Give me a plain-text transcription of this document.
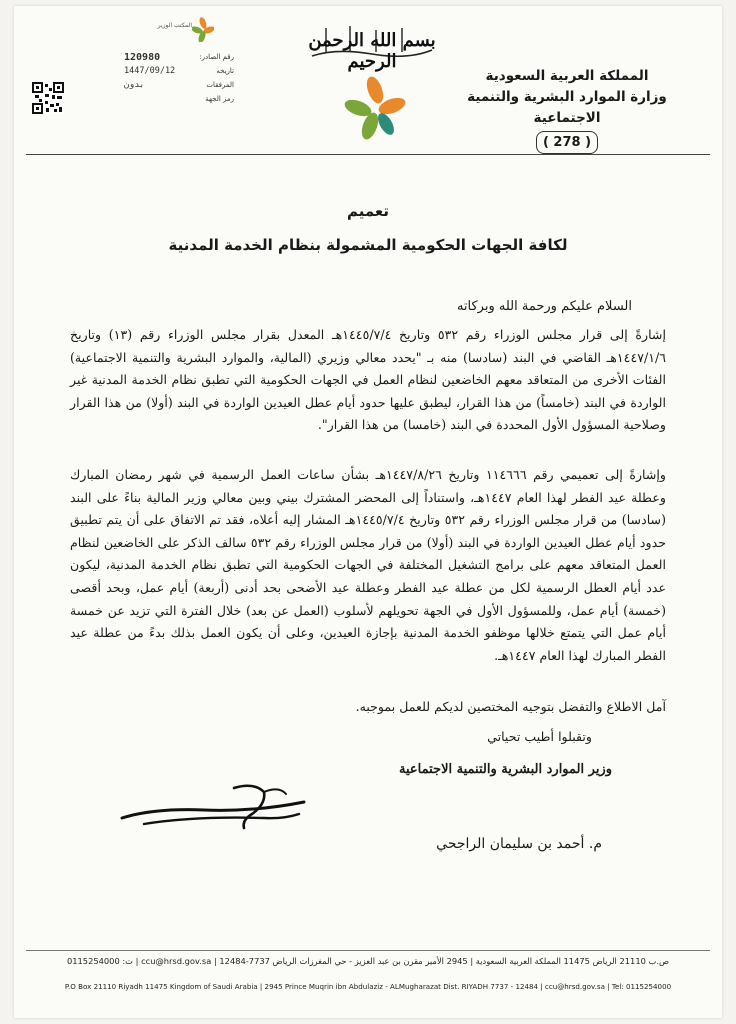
بسم الله الرحمن الرحيم
المملكة العربية السعودية
وزارة الموارد البشرية والتنمية الاجتماعية
( 278 )
المكتب الوزير
رقم الصادر:
120980
تاريخه
1447/09/12
المرفقات
بدون
رمز الجهة
تعميم
لكافة الجهات الحكومية المشمولة بنظام الخدمة المدنية
السلام عليكم ورحمة الله وبركاته
إشارةً إلى قرار مجلس الوزراء رقم ٥٣٢ وتاريخ ١٤٤٥/٧/٤هـ المعدل بقرار مجلس الوزراء رقم (١٣) وتاريخ ١٤٤٧/١/٦هـ القاضي في البند (سادسا) منه بـ "يحدد معالي وزيري (المالية، والموارد البشرية والتنمية الاجتماعية) الفئات الأخرى من المتعاقد معهم الخاضعين لنظام العمل في الجهات الحكومية التي تطبق نظام الخدمة المدنية غير الواردة في البند (خامساً) من هذا القرار، ليطبق عليها حدود أيام عطل العيدين الواردة في البند (أولا) من هذا القرار وصلاحية المسؤول الأول المحددة في البند (خامسا) من هذا القرار".
وإشارةً إلى تعميمي رقم ١١٤٦٦٦ وتاريخ ١٤٤٧/٨/٢٦هـ بشأن ساعات العمل الرسمية في شهر رمضان المبارك وعطلة عيد الفطر لهذا العام ١٤٤٧هـ، واستناداً إلى المحضر المشترك بيني وبين معالي وزير المالية بناءً على البند (سادسا) من قرار مجلس الوزراء رقم ٥٣٢ وتاريخ ١٤٤٥/٧/٤هـ المشار إليه أعلاه، فقد تم الاتفاق على أن يتم تطبيق حدود أيام عطل العيدين الواردة في البند (أولا) من قرار مجلس الوزراء رقم ٥٣٢ سالف الذكر على الخاضعين لنظام العمل المتعاقد معهم على برامج التشغيل المختلفة في الجهات الحكومية التي تطبق نظام الخدمة المدنية، ليكون عدد أيام العطل الرسمية لكل من عطلة عيد الفطر وعطلة عيد الأضحى بحد أدنى (أربعة) أيام عمل، وبحد أقصى (خمسة) أيام عمل، وللمسؤول الأول في الجهة تحويلهم لأسلوب (العمل عن بعد) خلال الفترة التي تزيد عن خمسة أيام عمل التي يتمتع خلالها موظفو الخدمة المدنية بإجازة العيدين، وعلى أن يكون العمل بذلك بدءً من عطلة عيد الفطر المبارك لهذا العام ١٤٤٧هـ.
آمل الاطلاع والتفضل بتوجيه المختصين لديكم للعمل بموجبه.
وتقبلوا أطيب تحياتي
وزير الموارد البشرية والتنمية الاجتماعية
م. أحمد بن سليمان الراجحي
ص.ب 21110 الرياض 11475 المملكة العربية السعودية | 2945 الأمير مقرن بن عبد العزيز - حي المغرزات الرياض 7737-12484 | ccu@hrsd.gov.sa | ت: 0115254000
P.O Box 21110 Riyadh 11475 Kingdom of Saudi Arabia | 2945 Prince Muqrin ibn Abdulaziz - ALMugharazat Dist. RIYADH 7737 - 12484 | ccu@hrsd.gov.sa | Tel: 0115254000
